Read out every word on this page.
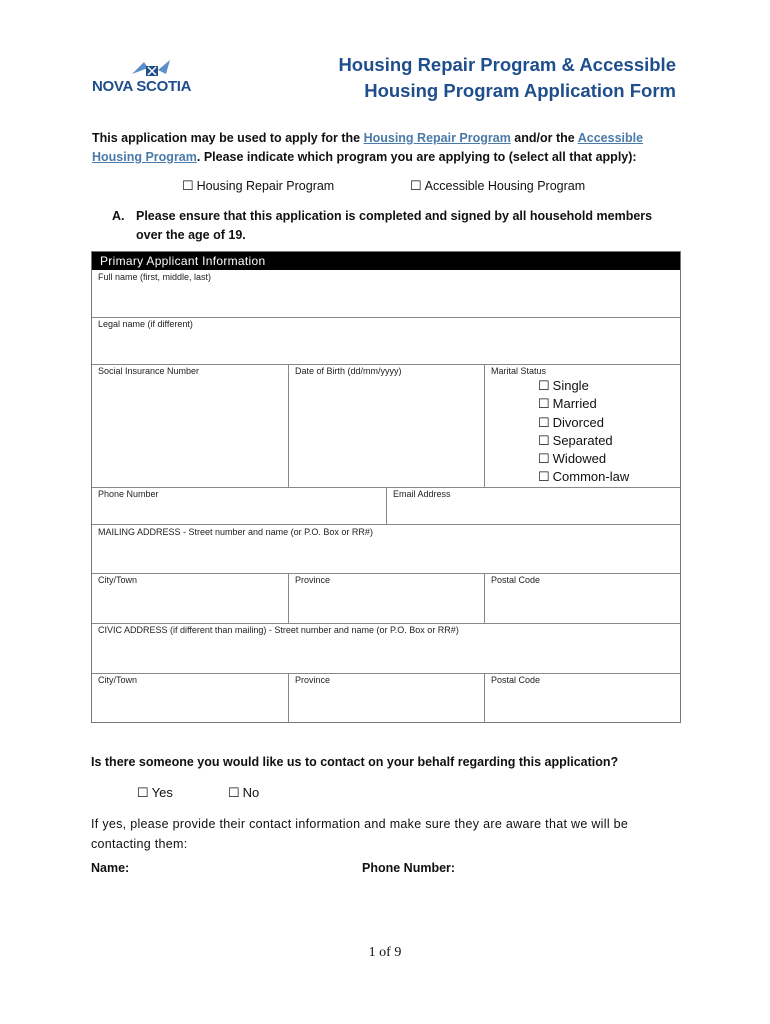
NOVA SCOTIA
Housing Repair Program & Accessible
Housing Program Application Form
This application may be used to apply for the Housing Repair Program and/or the Accessible Housing Program. Please indicate which program you are applying to (select all that apply):
☐ Housing Repair Program	☐ Accessible Housing Program
A. Please ensure that this application is completed and signed by all household members over the age of 19.
Primary Applicant Information
Full name (first, middle, last)
Legal name (if different)
Social Insurance Number	Date of Birth (dd/mm/yyyy)	Marital Status
☐ Single
☐ Married
☐ Divorced
☐ Separated
☐ Widowed
☐ Common-law
Phone Number	Email Address
MAILING ADDRESS - Street number and name (or P.O. Box or RR#)
City/Town	Province	Postal Code
CIVIC ADDRESS (if different than mailing) - Street number and name (or P.O. Box or RR#)
City/Town	Province	Postal Code
Is there someone you would like us to contact on your behalf regarding this application?
☐ Yes	☐ No
If yes, please provide their contact information and make sure they are aware that we will be contacting them:
Name:	Phone Number:
1 of 9
